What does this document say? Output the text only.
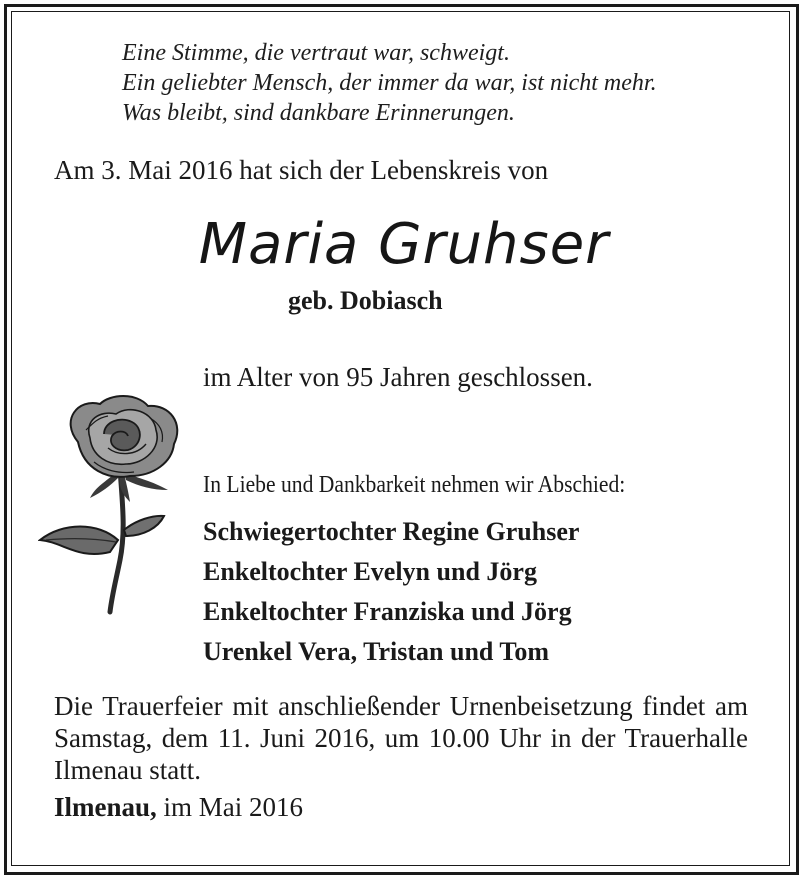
Eine Stimme, die vertraut war, schweigt.
Ein geliebter Mensch, der immer da war, ist nicht mehr.
Was bleibt, sind dankbare Erinnerungen.
Am 3. Mai 2016 hat sich der Lebenskreis von
Maria Gruhser
geb. Dobiasch
im Alter von 95 Jahren geschlossen.
In Liebe und Dankbarkeit nehmen wir Abschied:
Schwiegertochter Regine Gruhser
Enkeltochter Evelyn und Jörg
Enkeltochter Franziska und Jörg
Urenkel Vera, Tristan und Tom
Die Trauerfeier mit anschließender Urnenbeisetzung findet am Samstag, dem 11. Juni 2016, um 10.00 Uhr in der Trauerhalle Ilmenau statt.
Ilmenau, im Mai 2016
